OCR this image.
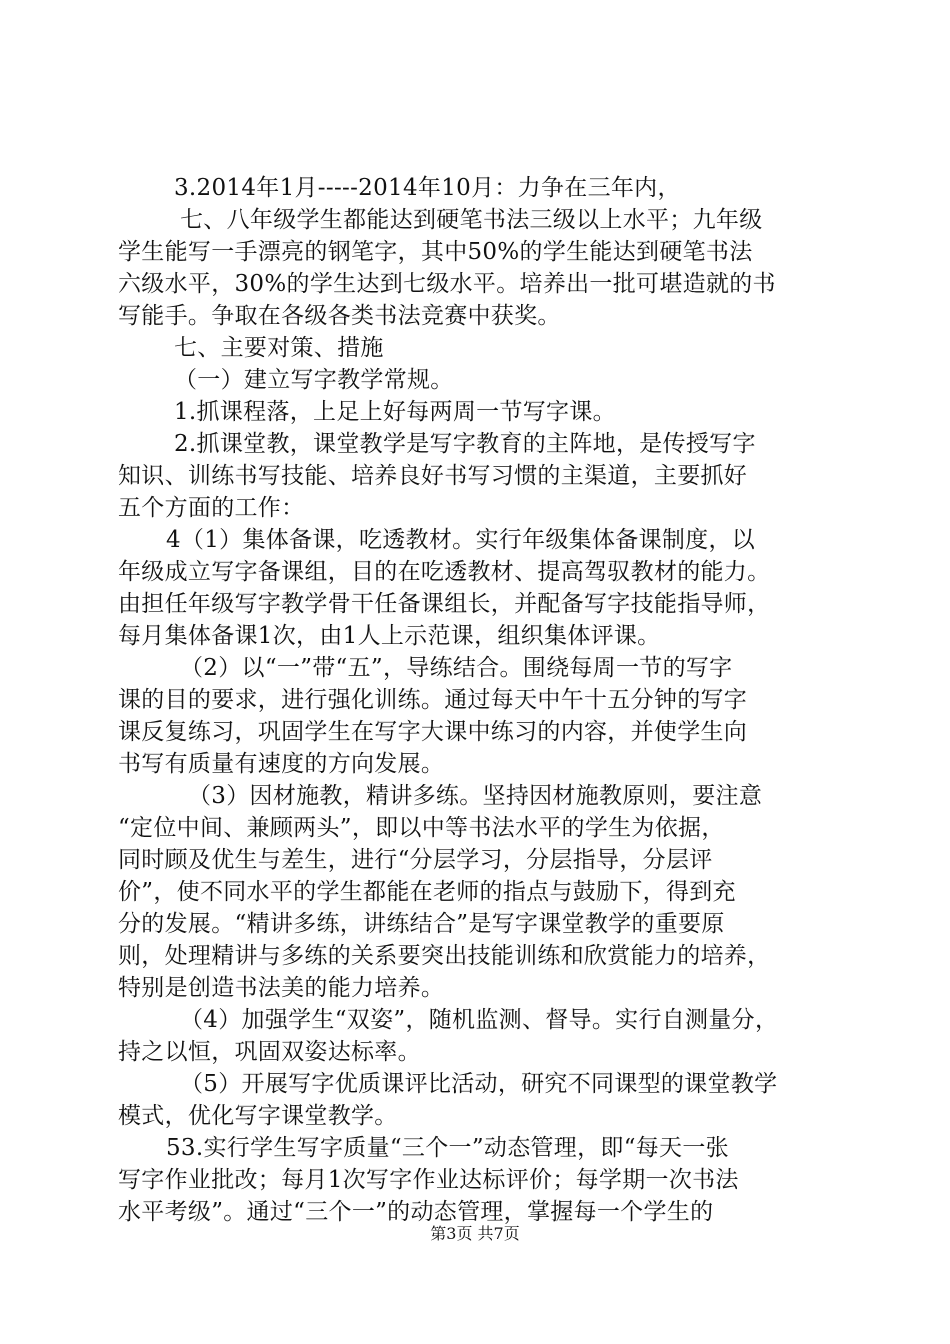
3.2014年1月-----2014年10月：力争在三年内，
七、八年级学生都能达到硬笔书法三级以上水平；九年级
学生能写一手漂亮的钢笔字，其中50%的学生能达到硬笔书法
六级水平，30%的学生达到七级水平。培养出一批可堪造就的书
写能手。争取在各级各类书法竞赛中获奖。
七、主要对策、措施
（一）建立写字教学常规。
1.抓课程落，上足上好每两周一节写字课。
2.抓课堂教，课堂教学是写字教育的主阵地，是传授写字
知识、训练书写技能、培养良好书写习惯的主渠道，主要抓好
五个方面的工作：
4（1）集体备课，吃透教材。实行年级集体备课制度，以
年级成立写字备课组，目的在吃透教材、提高驾驭教材的能力。
由担任年级写字教学骨干任备课组长，并配备写字技能指导师，
每月集体备课1次，由1人上示范课，组织集体评课。
（2）以“一”带“五”，导练结合。围绕每周一节的写字
课的目的要求，进行强化训练。通过每天中午十五分钟的写字
课反复练习，巩固学生在写字大课中练习的内容，并使学生向
书写有质量有速度的方向发展。
（3）因材施教，精讲多练。坚持因材施教原则，要注意
“定位中间、兼顾两头”，即以中等书法水平的学生为依据，
同时顾及优生与差生，进行“分层学习，分层指导，分层评
价”，使不同水平的学生都能在老师的指点与鼓励下，得到充
分的发展。“精讲多练，讲练结合”是写字课堂教学的重要原
则，处理精讲与多练的关系要突出技能训练和欣赏能力的培养，
特别是创造书法美的能力培养。
（4）加强学生“双姿”，随机监测、督导。实行自测量分，
持之以恒，巩固双姿达标率。
（5）开展写字优质课评比活动，研究不同课型的课堂教学
模式，优化写字课堂教学。
53.实行学生写字质量“三个一”动态管理，即“每天一张
写字作业批改；每月1次写字作业达标评价；每学期一次书法
水平考级”。通过“三个一”的动态管理，掌握每一个学生的
第3页 共7页
